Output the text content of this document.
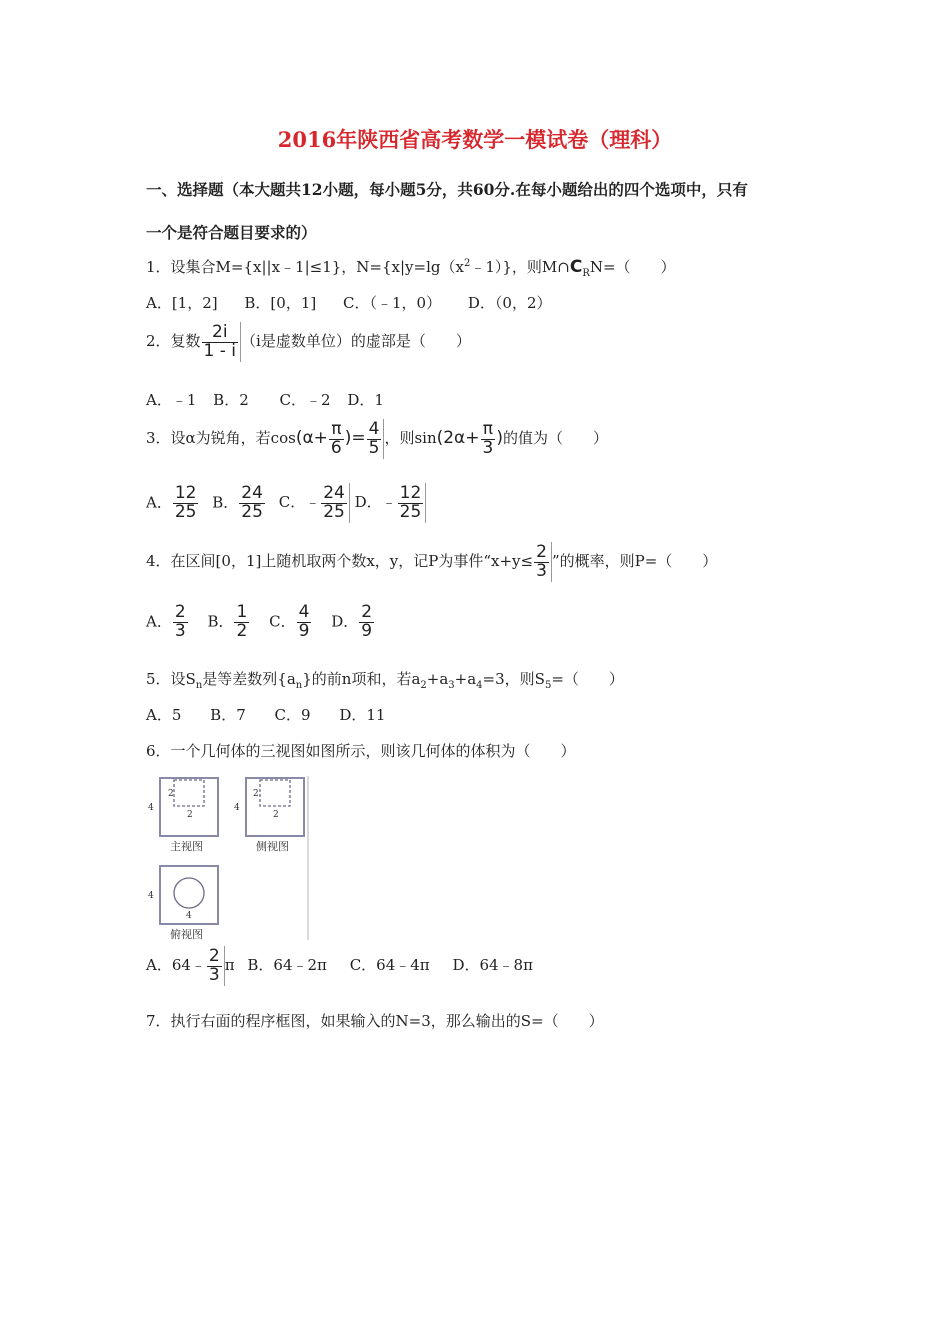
2016年陕西省高考数学一模试卷（理科）
一、选择题（本大题共12小题，每小题5分，共60分.在每小题给出的四个选项中，只有
一个是符合题目要求的）
1．设集合M={x||x﹣1|≤1}，$N=\{x|y=\lg(x^2﹣1)\}$，则$M\cap C_RN=$（　　）
A．[1，2] B．[0，1] C．（﹣1，0） D．（0，2）
2．复数 $\frac{2i}{1 - i} (i$是虚数单位）的虚部是（　　）
A．﹣1 B．2 C．﹣2 D．1
3．设α为锐角，若$\cos(\alpha+ \frac{\pi}{6}$ )= $\frac{4}{5}$ ，则$\sin(2\alpha+ \frac{\pi}{3}$ )的值为（　　）
A． $\frac{12}{25}$ B． $\frac{24}{25}$ C．﹣ $\frac{24}{25}$ D．﹣ $\frac{12}{25}$
4．在区间[0，1]上随机取两个数x，y，记P为事件“$x+y\le \frac{2}{3}$ ”的概率，则P=（　　）
A． $\frac{2}{3}$ B． $\frac{1}{2}$ C． $\frac{4}{9}$ D． $\frac{2}{9}$
5．设$S_n$是等差数列$\{a_n\}$的前n项和，若$a_2+a_3+a_4=3$，则$S_5=$（　　）
A．5 B．7 C．9 D．11
6．一个几何体的三视图如图所示，则该几何体的体积为（　　）
4
2
2
主视图
4
2
2
侧视图
4
4
俯视图
A．64﹣ $\frac{2}{3}$ π B．64﹣2π C．64﹣4π D．64﹣8π
7．执行右面的程序框图，如果输入的N=3，那么输出的S=（　　）
